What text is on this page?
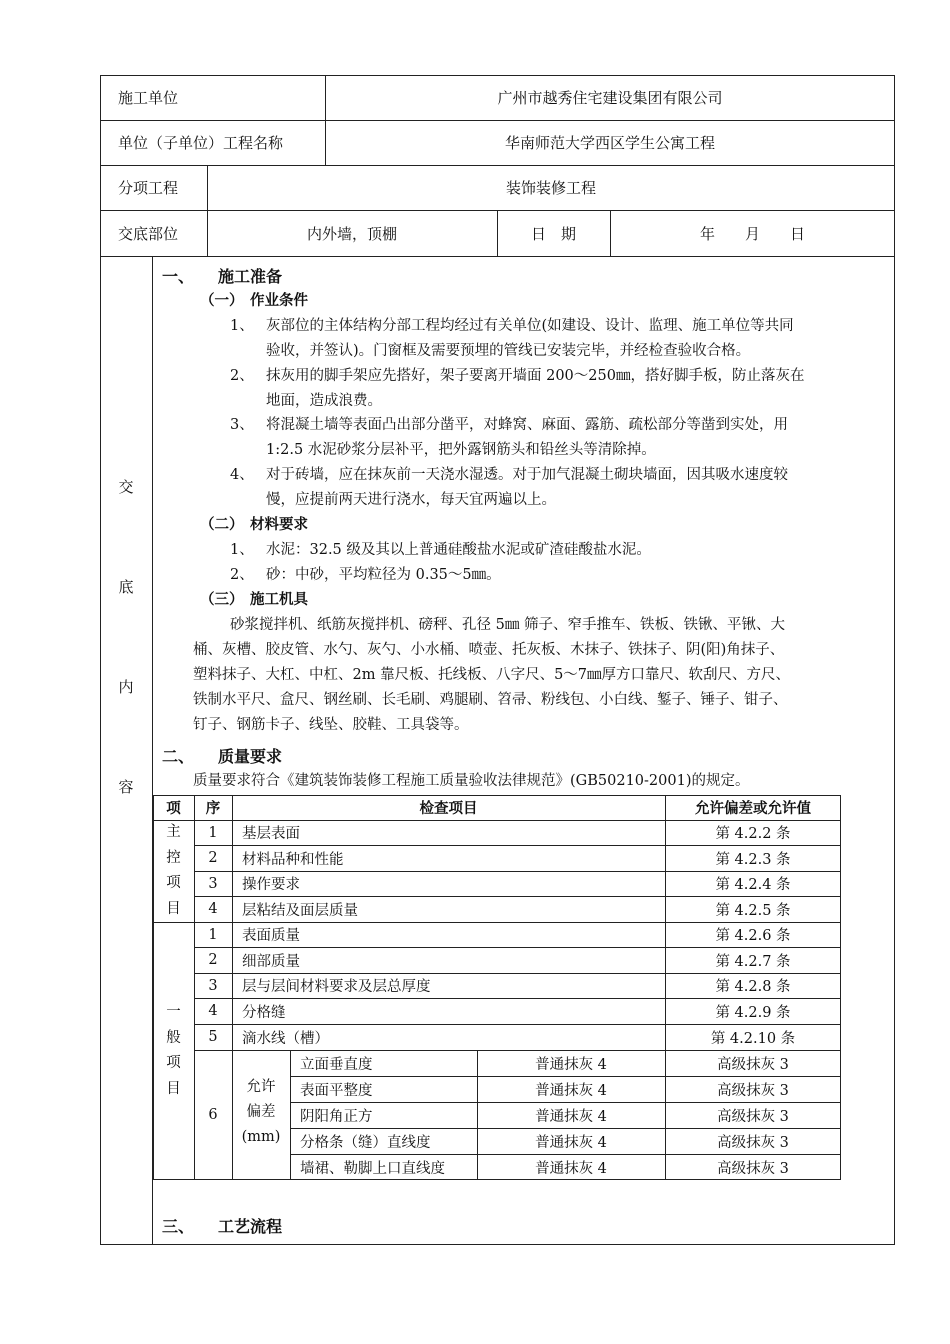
施工单位	广州市越秀住宅建设集团有限公司
单位（子单位）工程名称	华南师范大学西区学生公寓工程
分项工程	装饰装修工程
交底部位	内外墙，顶棚	日　期	年　　月　　日
交
底
内
容
一、 施工准备
（一） 作业条件
1、 灰部位的主体结构分部工程均经过有关单位(如建设、设计、监理、施工单位等共同
验收，并签认)。门窗框及需要预埋的管线已安装完毕，并经检查验收合格。
2、 抹灰用的脚手架应先搭好，架子要离开墙面 200～250㎜，搭好脚手板，防止落灰在
地面，造成浪费。
3、 将混凝土墙等表面凸出部分凿平，对蜂窝、麻面、露筋、疏松部分等凿到实处，用
1:2.5 水泥砂浆分层补平，把外露钢筋头和铅丝头等清除掉。
4、 对于砖墙，应在抹灰前一天浇水湿透。对于加气混凝土砌块墙面，因其吸水速度较
慢，应提前两天进行浇水，每天宜两遍以上。
（二） 材料要求
1、 水泥：32.5 级及其以上普通硅酸盐水泥或矿渣硅酸盐水泥。
2、 砂：中砂，平均粒径为 0.35～5㎜。
（三） 施工机具
砂浆搅拌机、纸筋灰搅拌机、磅秤、孔径 5㎜ 筛子、窄手推车、铁板、铁锹、平锹、大
桶、灰槽、胶皮管、水勺、灰勺、小水桶、喷壶、托灰板、木抹子、铁抹子、阴(阳)角抹子、
塑料抹子、大杠、中杠、2m 靠尺板、托线板、八字尺、5～7㎜厚方口靠尺、软刮尺、方尺、
铁制水平尺、盒尺、钢丝刷、长毛刷、鸡腿刷、笤帚、粉线包、小白线、錾子、锤子、钳子、
钉子、钢筋卡子、线坠、胶鞋、工具袋等。
二、 质量要求
质量要求符合《建筑装饰装修工程施工质量验收法律规范》(GB50210-2001)的规定。
项	序	检查项目	允许偏差或允许值
主
控
项
目
1	基层表面	第 4.2.2 条
2	材料品种和性能	第 4.2.3 条
3	操作要求	第 4.2.4 条
4	层粘结及面层质量	第 4.2.5 条
一
般
项
目
1	表面质量	第 4.2.6 条
2	细部质量	第 4.2.7 条
3	层与层间材料要求及层总厚度	第 4.2.8 条
4	分格缝	第 4.2.9 条
5	滴水线（槽）	第 4.2.10 条
6
允许
偏差
(mm)
立面垂直度	普通抹灰 4	高级抹灰 3
表面平整度	普通抹灰 4	高级抹灰 3
阴阳角正方	普通抹灰 4	高级抹灰 3
分格条（缝）直线度	普通抹灰 4	高级抹灰 3
墙裙、勒脚上口直线度	普通抹灰 4	高级抹灰 3
三、 工艺流程
